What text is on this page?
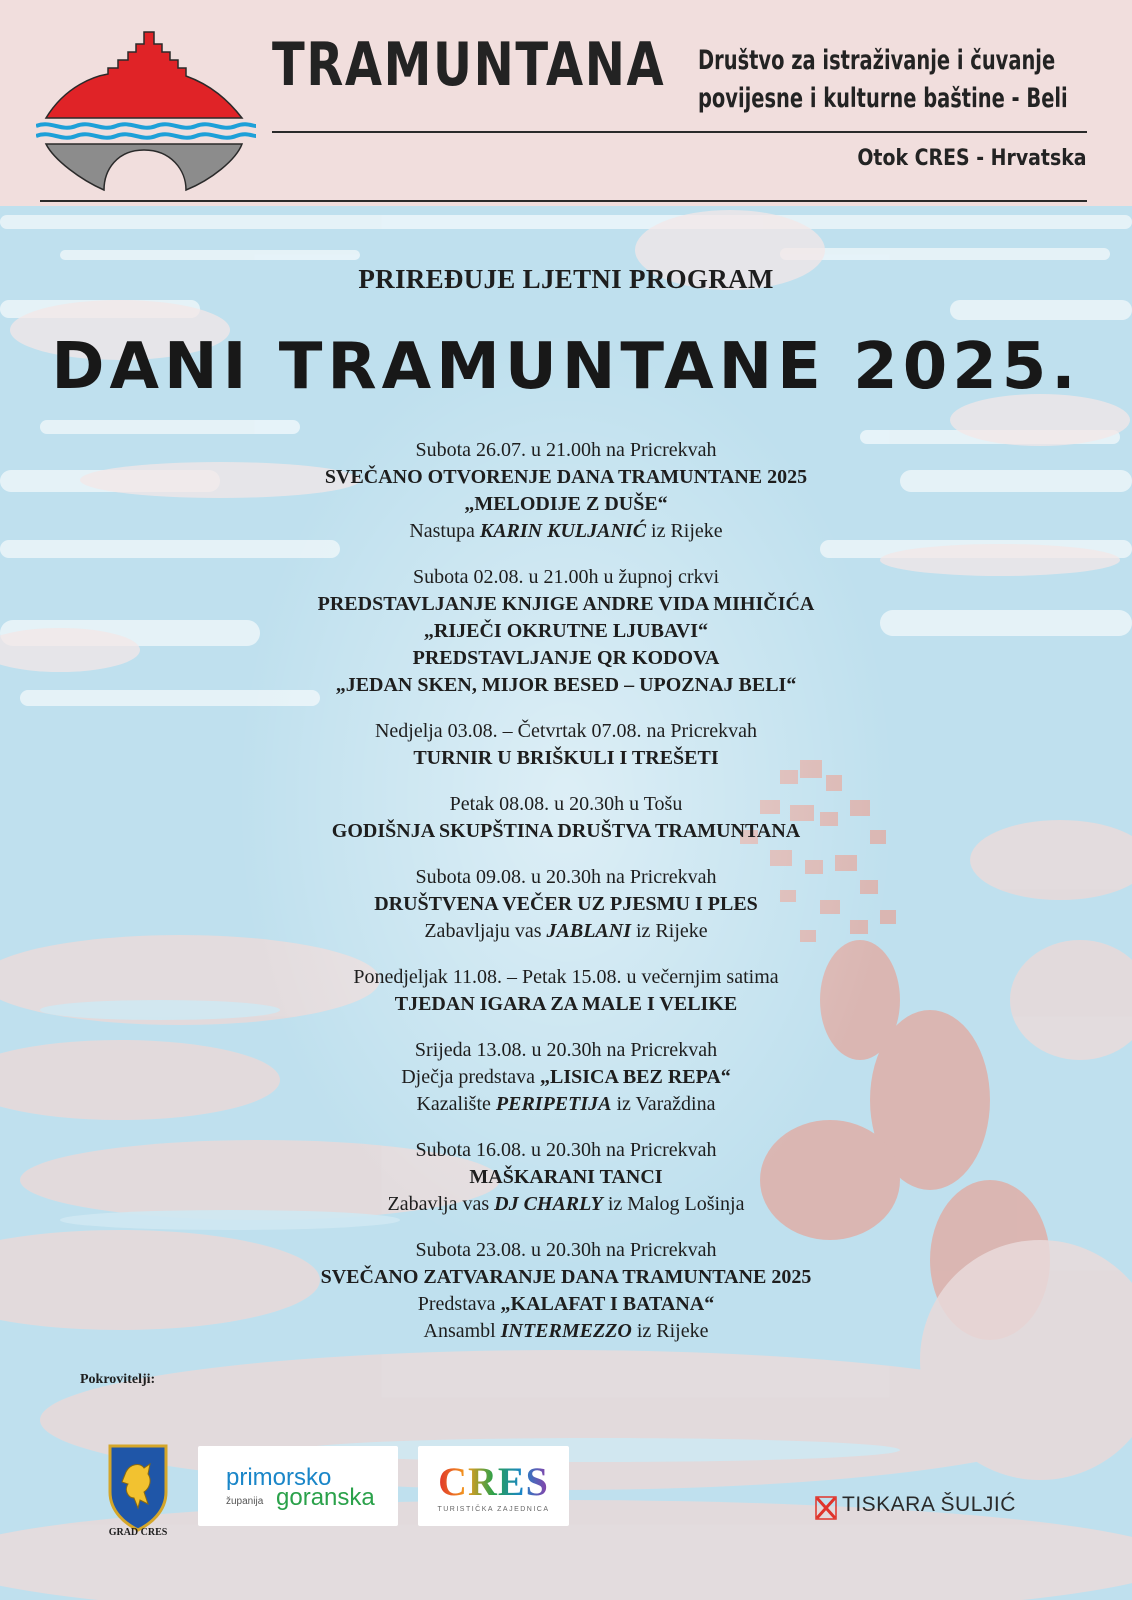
TRAMUNTANA Društvo za istraživanje i čuvanje
povijesne i kulturne baštine - Beli
Otok CRES - Hrvatska
PRIREĐUJE LJETNI PROGRAM
DANI TRAMUNTANE 2025.
Subota 26.07. u 21.00h na Pricrekvah
SVEČANO OTVORENJE DANA TRAMUNTANE 2025
„MELODIJE Z DUŠE“
Nastupa KARIN KULJANIĆ iz Rijeke
Subota 02.08. u 21.00h u župnoj crkvi
PREDSTAVLJANJE KNJIGE ANDRE VIDA MIHIČIĆA
„RIJEČI OKRUTNE LJUBAVI“
PREDSTAVLJANJE QR KODOVA
„JEDAN SKEN, MIJOR BESED – UPOZNAJ BELI“
Nedjelja 03.08. – Četvrtak 07.08. na Pricrekvah
TURNIR U BRIŠKULI I TREŠETI
Petak 08.08. u 20.30h u Tošu
GODIŠNJA SKUPŠTINA DRUŠTVA TRAMUNTANA
Subota 09.08. u 20.30h na Pricrekvah
DRUŠTVENA VEČER UZ PJESMU I PLES
Zabavljaju vas JABLANI iz Rijeke
Ponedjeljak 11.08. – Petak 15.08. u večernjim satima
TJEDAN IGARA ZA MALE I VELIKE
Srijeda 13.08. u 20.30h na Pricrekvah
Dječja predstava „LISICA BEZ REPA“
Kazalište PERIPETIJA iz Varaždina
Subota 16.08. u 20.30h na Pricrekvah
MAŠKARANI TANCI
Zabavlja vas DJ CHARLY iz Malog Lošinja
Subota 23.08. u 20.30h na Pricrekvah
SVEČANO ZATVARANJE DANA TRAMUNTANE 2025
Predstava „KALAFAT I BATANA“
Ansambl INTERMEZZO iz Rijeke
Pokrovitelji:
GRAD CRES
primorsko
goranska
županija	CRES
TURISTIČKA ZAJEDNICA	TISKARA ŠULJIĆ
